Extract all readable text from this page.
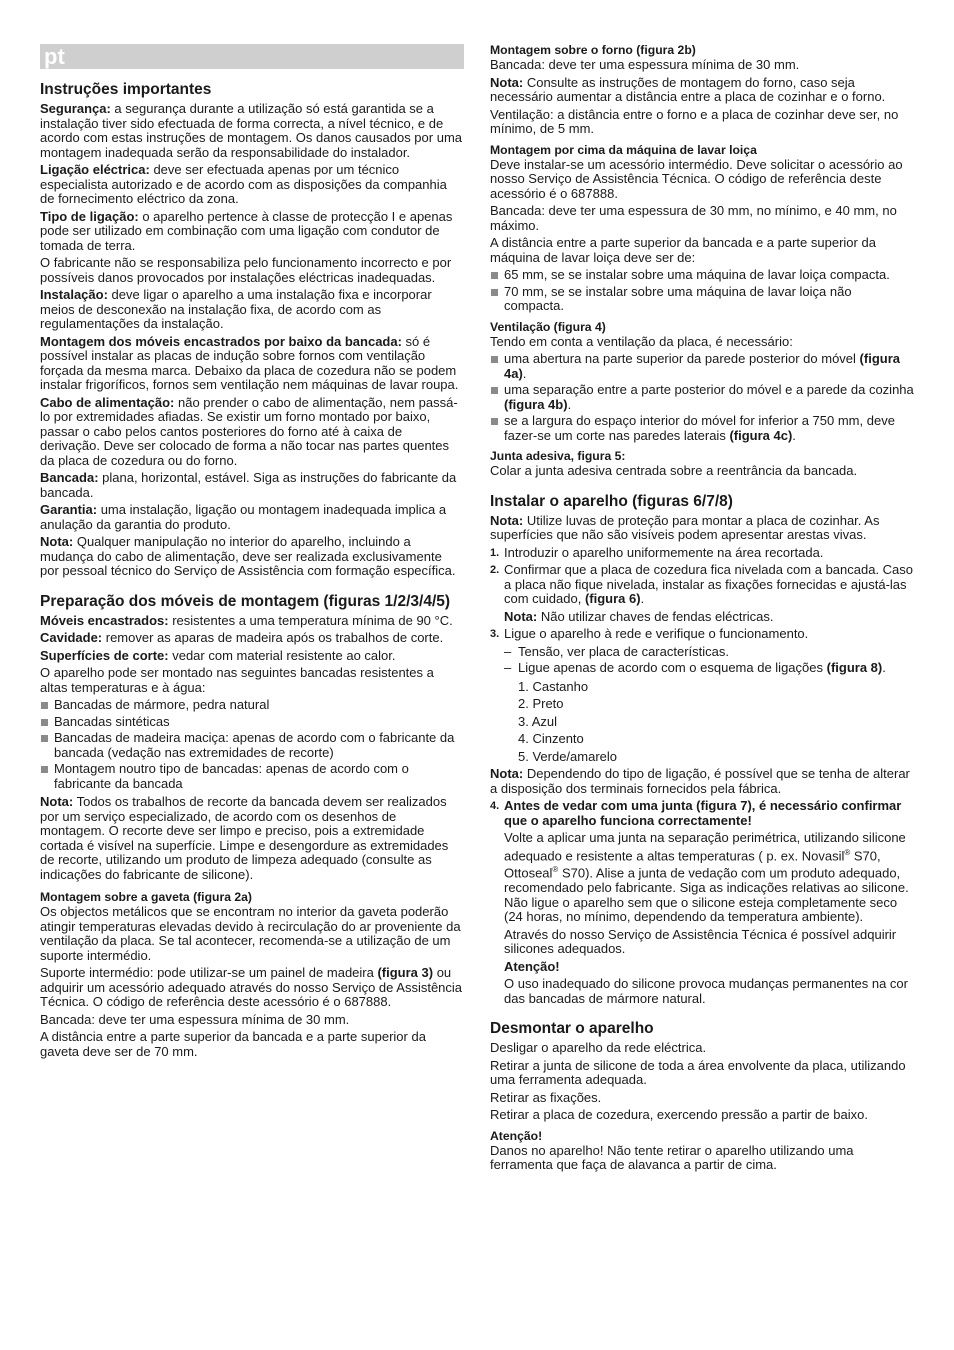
pt
Instruções importantes

Segurança: a segurança durante a utilização só está garantida se a instalação tiver sido efectuada de forma correcta, a nível técnico, e de acordo com estas instruções de montagem. Os danos causados por uma montagem inadequada serão da responsabilidade do instalador.

Ligação eléctrica: deve ser efectuada apenas por um técnico especialista autorizado e de acordo com as disposições da companhia de fornecimento eléctrico da zona.

Tipo de ligação: o aparelho pertence à classe de protecção I e apenas pode ser utilizado em combinação com uma ligação com condutor de tomada de terra.

O fabricante não se responsabiliza pelo funcionamento incorrecto e por possíveis danos provocados por instalações eléctricas inadequadas.

Instalação: deve ligar o aparelho a uma instalação fixa e incorporar meios de desconexão na instalação fixa, de acordo com as regulamentações da instalação.

Montagem dos móveis encastrados por baixo da bancada: só é possível instalar as placas de indução sobre fornos com ventilação forçada da mesma marca. Debaixo da placa de cozedura não se podem instalar frigoríficos, fornos sem ventilação nem máquinas de lavar roupa.

Cabo de alimentação: não prender o cabo de alimentação, nem passá-lo por extremidades afiadas. Se existir um forno montado por baixo, passar o cabo pelos cantos posteriores do forno até à caixa de derivação. Deve ser colocado de forma a não tocar nas partes quentes da placa de cozedura ou do forno.

Bancada: plana, horizontal, estável. Siga as instruções do fabricante da bancada.

Garantia: uma instalação, ligação ou montagem inadequada implica a anulação da garantia do produto.

Nota: Qualquer manipulação no interior do aparelho, incluindo a mudança do cabo de alimentação, deve ser realizada exclusivamente por pessoal técnico do Serviço de Assistência com formação específica.

Preparação dos móveis de montagem (figuras 1/2/3/4/5)

Móveis encastrados: resistentes a uma temperatura mínima de 90 °C.

Cavidade: remover as aparas de madeira após os trabalhos de corte.

Superfícies de corte: vedar com material resistente ao calor.

O aparelho pode ser montado nas seguintes bancadas resistentes a altas temperaturas e à água:

Bancadas de mármore, pedra natural
Bancadas sintéticas
Bancadas de madeira maciça: apenas de acordo com o fabricante da bancada (vedação nas extremidades de recorte)
Montagem noutro tipo de bancadas: apenas de acordo com o fabricante da bancada

Nota: Todos os trabalhos de recorte da bancada devem ser realizados por um serviço especializado, de acordo com os desenhos de montagem. O recorte deve ser limpo e preciso, pois a extremidade cortada é visível na superfície. Limpe e desengordure as extremidades de recorte, utilizando um produto de limpeza adequado (consulte as indicações do fabricante de silicone).

Montagem sobre a gaveta (figura 2a)

Os objectos metálicos que se encontram no interior da gaveta poderão atingir temperaturas elevadas devido à recirculação do ar proveniente da ventilação da placa. Se tal acontecer, recomenda-se a utilização de um suporte intermédio.

Suporte intermédio: pode utilizar-se um painel de madeira (figura 3) ou adquirir um acessório adequado através do nosso Serviço de Assistência Técnica. O código de referência deste acessório é o 687888.

Bancada: deve ter uma espessura mínima de 30 mm.

A distância entre a parte superior da bancada e a parte superior da gaveta deve ser de 70 mm.

Montagem sobre o forno (figura 2b)

Bancada: deve ter uma espessura mínima de 30 mm.

Nota: Consulte as instruções de montagem do forno, caso seja necessário aumentar a distância entre a placa de cozinhar e o forno.

Ventilação: a distância entre o forno e a placa de cozinhar deve ser, no mínimo, de 5 mm.

Montagem por cima da máquina de lavar loiça

Deve instalar-se um acessório intermédio. Deve solicitar o acessório ao nosso Serviço de Assistência Técnica. O código de referência deste acessório é o 687888.

Bancada: deve ter uma espessura de 30 mm, no mínimo, e 40 mm, no máximo.

A distância entre a parte superior da bancada e a parte superior da máquina de lavar loiça deve ser de:

65 mm, se se instalar sobre uma máquina de lavar loiça compacta.
70 mm, se se instalar sobre uma máquina de lavar loiça não compacta.
Ventilação (figura 4)

Tendo em conta a ventilação da placa, é necessário:

uma abertura na parte superior da parede posterior do móvel (figura 4a).
uma separação entre a parte posterior do móvel e a parede da cozinha (figura 4b).
se a largura do espaço interior do móvel for inferior a 750 mm, deve fazer-se um corte nas paredes laterais (figura 4c).
Junta adesiva, figura 5:

Colar a junta adesiva centrada sobre a reentrância da bancada.

Instalar o aparelho (figuras 6/7/8)

Nota: Utilize luvas de proteção para montar a placa de cozinhar. As superfícies que não são visíveis podem apresentar arestas vivas.

1. Introduzir o aparelho uniformemente na área recortada.
2. Confirmar que a placa de cozedura fica nivelada com a bancada. Caso a placa não fique nivelada, instalar as fixações fornecidas e ajustá-las com cuidado, (figura 6).

Nota: Não utilizar chaves de fendas eléctricas.

3. Ligue o aparelho à rede e verifique o funcionamento.
– Tensão, ver placa de características.
– Ligue apenas de acordo com o esquema de ligações (figura 8).
1. Castanho
2. Preto
3. Azul
4. Cinzento
5. Verde/amarelo

Nota: Dependendo do tipo de ligação, é possível que se tenha de alterar a disposição dos terminais fornecidos pela fábrica.

4. Antes de vedar com uma junta (figura 7), é necessário confirmar que o aparelho funciona correctamente!

Volte a aplicar uma junta na separação perimétrica, utilizando silicone adequado e resistente a altas temperaturas ( p. ex. Novasil® S70, Ottoseal® S70). Alise a junta de vedação com um produto adequado, recomendado pelo fabricante. Siga as indicações relativas ao silicone. Não ligue o aparelho sem que o silicone esteja completamente seco (24 horas, no mínimo, dependendo da temperatura ambiente).

Através do nosso Serviço de Assistência Técnica é possível adquirir silicones adequados.

Atenção!

O uso inadequado do silicone provoca mudanças permanentes na cor das bancadas de mármore natural.

Desmontar o aparelho

Desligar o aparelho da rede eléctrica.

Retirar a junta de silicone de toda a área envolvente da placa, utilizando uma ferramenta adequada.

Retirar as fixações.

Retirar a placa de cozedura, exercendo pressão a partir de baixo.

Atenção!

Danos no aparelho! Não tente retirar o aparelho utilizando uma ferramenta que faça de alavanca a partir de cima.
